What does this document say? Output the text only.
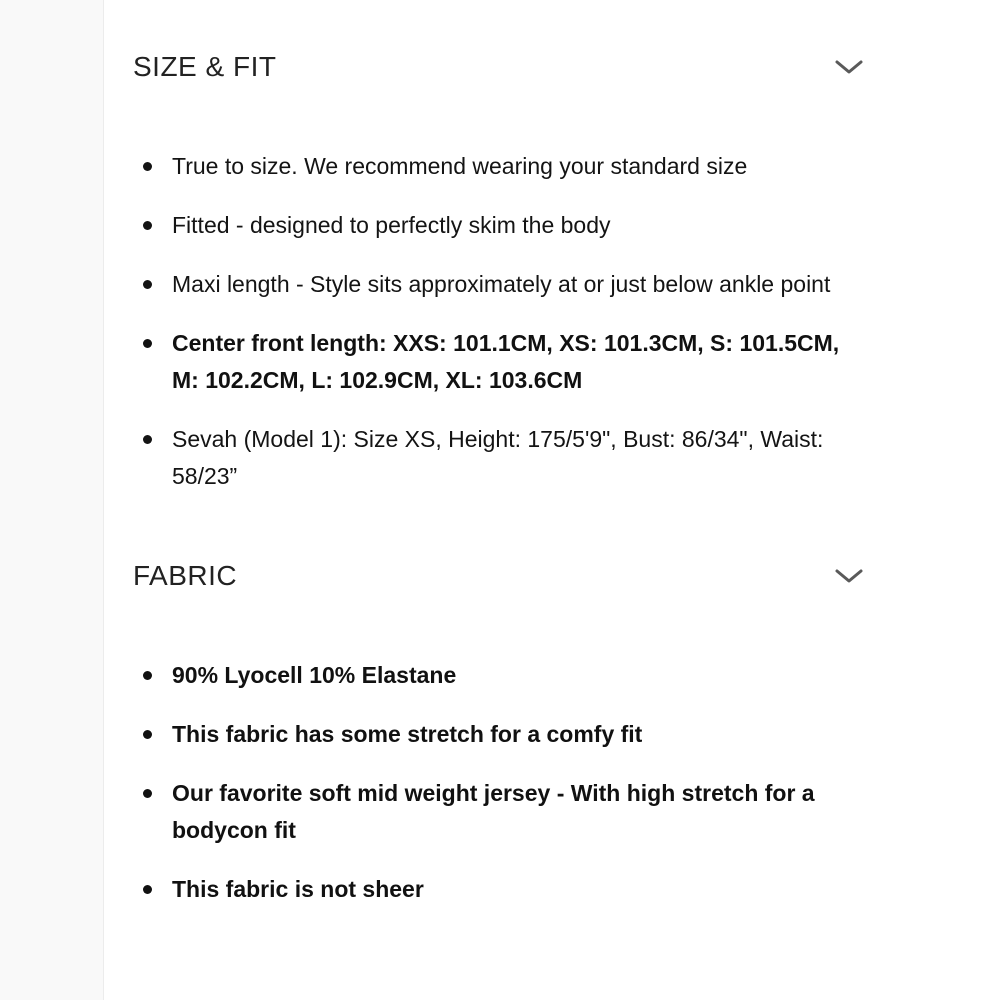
SIZE & FIT
True to size. We recommend wearing your standard size
Fitted - designed to perfectly skim the body
Maxi length - Style sits approximately at or just below ankle point
Center front length: XXS: 101.1CM, XS: 101.3CM, S: 101.5CM, M: 102.2CM, L: 102.9CM, XL: 103.6CM
Sevah (Model 1): Size XS, Height: 175/5'9", Bust: 86/34", Waist: 58/23”
FABRIC
90% Lyocell 10% Elastane
This fabric has some stretch for a comfy fit
Our favorite soft mid weight jersey - With high stretch for a bodycon fit
This fabric is not sheer
